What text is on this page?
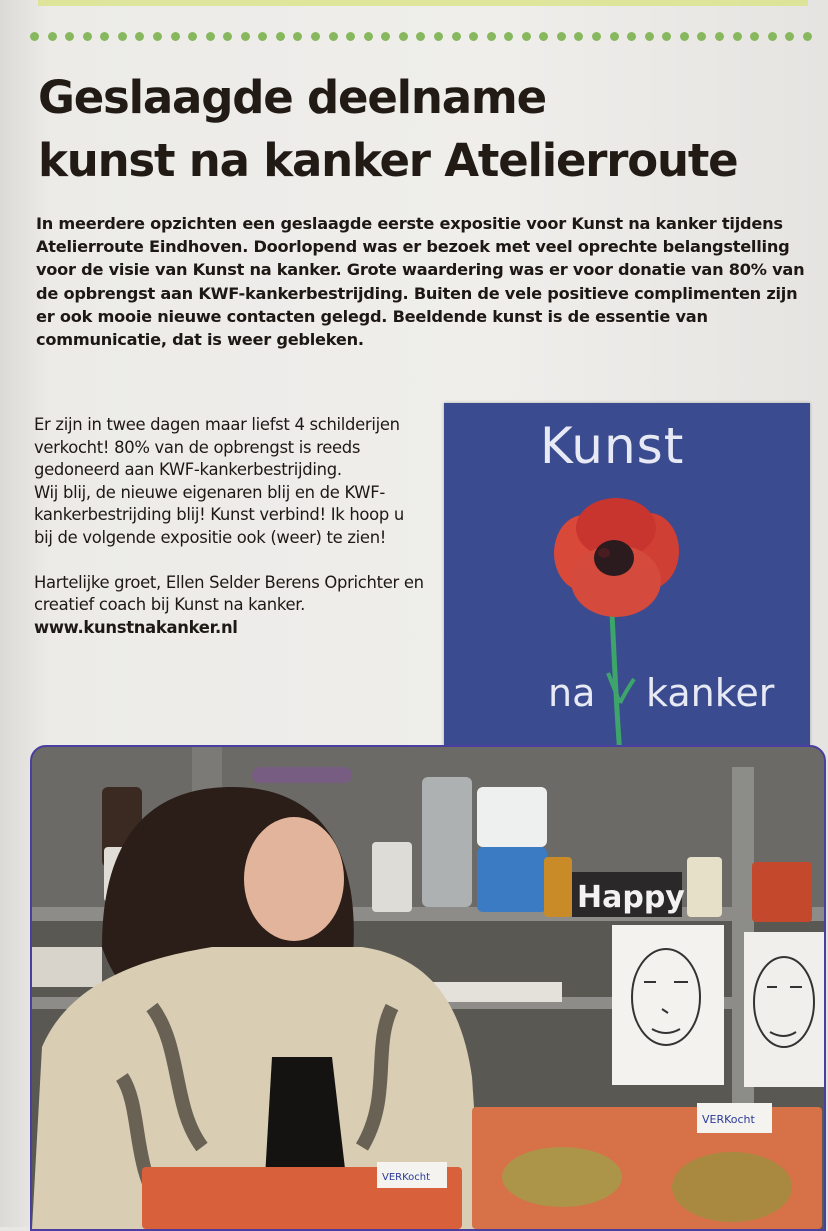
Geslaagde deelname
kunst na kanker Atelierroute
In meerdere opzichten een geslaagde eerste expositie voor Kunst na kanker tijdens Atelierroute Eindhoven. Doorlopend was er bezoek met veel oprechte belangstelling voor de visie van Kunst na kanker. Grote waardering was er voor donatie van 80% van de opbrengst aan KWF-kankerbestrijding. Buiten de vele positieve complimenten zijn er ook mooie nieuwe contacten gelegd. Beeldende kunst is de essentie van communicatie, dat is weer gebleken.

Er zijn in twee dagen maar liefst 4 schilderijen verkocht! 80% van de opbrengst is reeds gedoneerd aan KWF-kankerbestrijding.

Wij blij, de nieuwe eigenaren blij en de KWF-kankerbestrijding blij! Kunst verbind! Ik hoop u bij de volgende expositie ook (weer) te zien!

Hartelijke groet, Ellen Selder Berens Oprichter en creatief coach bij Kunst na kanker. www.kunstnakanker.nl

Kunst
na kanker
Happy
VERKocht
VERKocht
